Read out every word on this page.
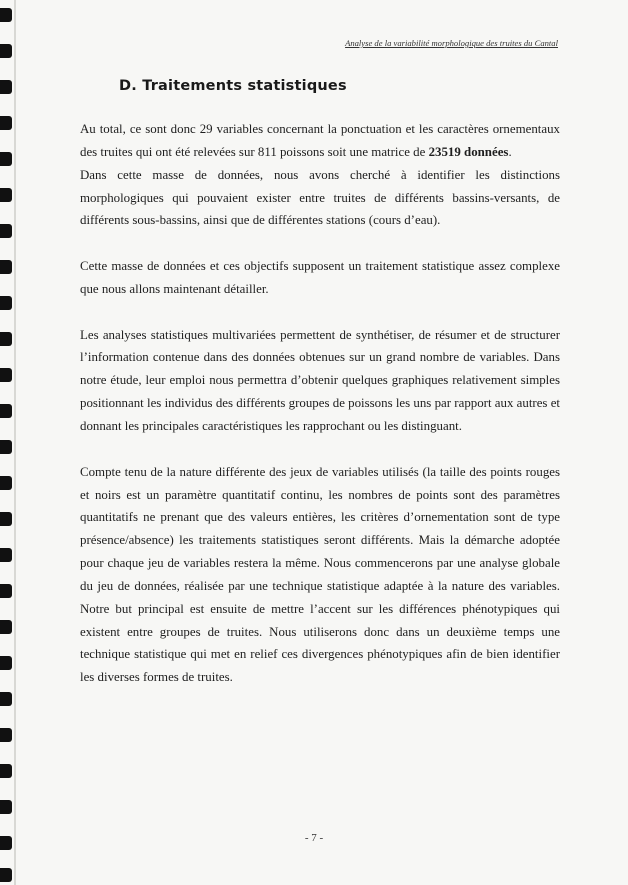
Analyse de la variabilité morphologique des truites du Cantal
D. Traitements statistiques

Au total, ce sont donc 29 variables concernant la ponctuation et les caractères ornementaux des truites qui ont été relevées sur 811 poissons soit une matrice de 23519 données.

Dans cette masse de données, nous avons cherché à identifier les distinctions morphologiques qui pouvaient exister entre truites de différents bassins-versants, de différents sous-bassins, ainsi que de différentes stations (cours d’eau).

Cette masse de données et ces objectifs supposent un traitement statistique assez complexe que nous allons maintenant détailler.

Les analyses statistiques multivariées permettent de synthétiser, de résumer et de structurer l’information contenue dans des données obtenues sur un grand nombre de variables. Dans notre étude, leur emploi nous permettra d’obtenir quelques graphiques relativement simples positionnant les individus des différents groupes de poissons les uns par rapport aux autres et donnant les principales caractéristiques les rapprochant ou les distinguant.

Compte tenu de la nature différente des jeux de variables utilisés (la taille des points rouges et noirs est un paramètre quantitatif continu, les nombres de points sont des paramètres quantitatifs ne prenant que des valeurs entières, les critères d’ornementation sont de type présence/absence) les traitements statistiques seront différents. Mais la démarche adoptée pour chaque jeu de variables restera la même. Nous commencerons par une analyse globale du jeu de données, réalisée par une technique statistique adaptée à la nature des variables. Notre but principal est ensuite de mettre l’accent sur les différences phénotypiques qui existent entre groupes de truites. Nous utiliserons donc dans un deuxième temps une technique statistique qui met en relief ces divergences phénotypiques afin de bien identifier les diverses formes de truites.

- 7 -
